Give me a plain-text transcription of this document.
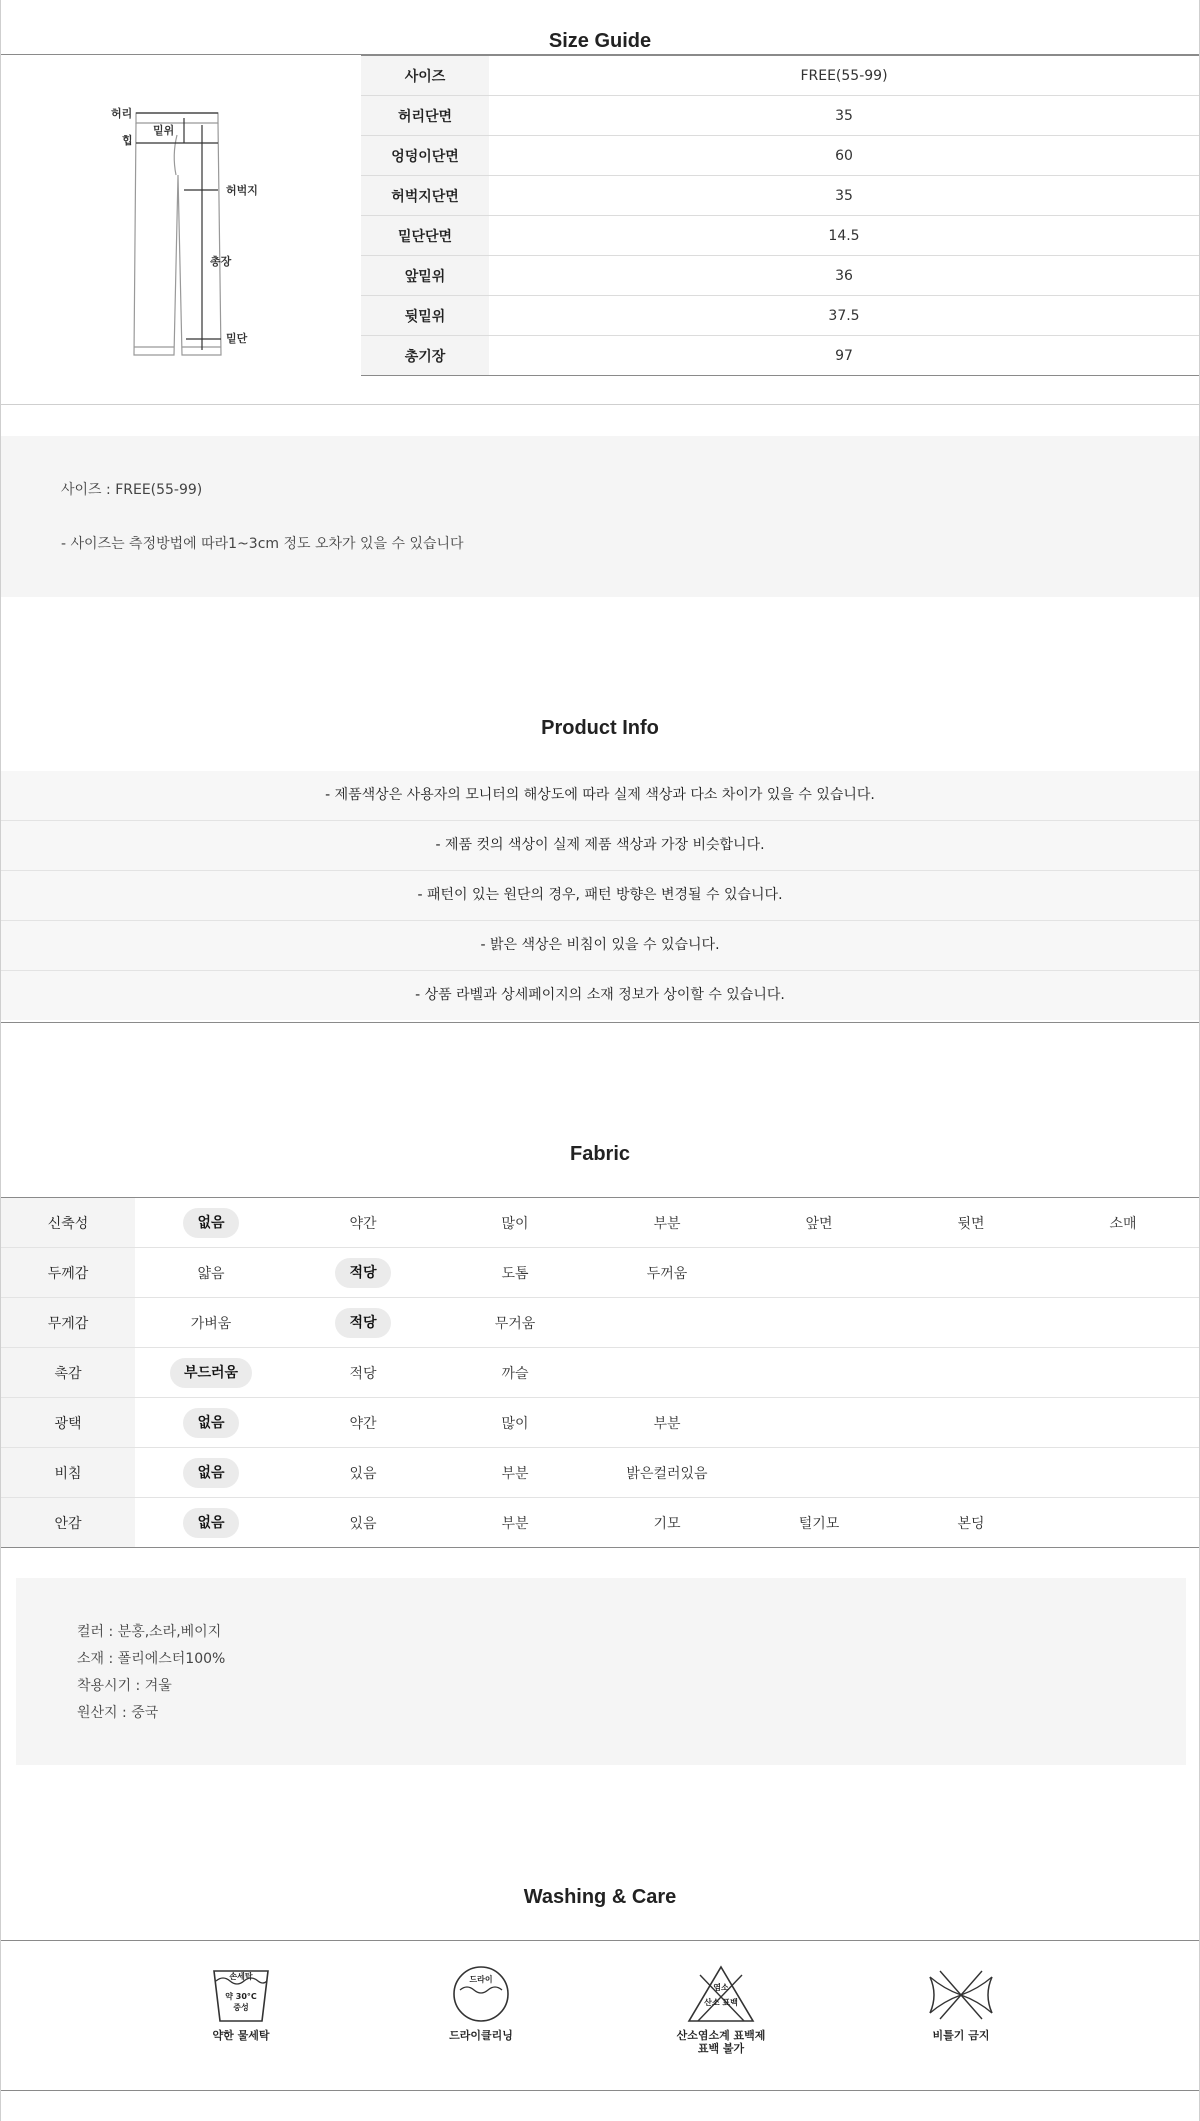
Size Guide
허리
힙
밑위
허벅지
총장
밑단
사이즈	FREE(55-99)
허리단면	35
엉덩이단면	60
허벅지단면	35
밑단단면	14.5
앞밑위	36
뒷밑위	37.5
총기장	97
사이즈 : FREE(55-99)
- 사이즈는 측정방법에 따라1~3cm 정도 오차가 있을 수 있습니다
Product Info
- 제품색상은 사용자의 모니터의 해상도에 따라 실제 색상과 다소 차이가 있을 수 있습니다.
- 제품 컷의 색상이 실제 제품 색상과 가장 비슷합니다.
- 패턴이 있는 원단의 경우, 패턴 방향은 변경될 수 있습니다.
- 밝은 색상은 비침이 있을 수 있습니다.
- 상품 라벨과 상세페이지의 소재 정보가 상이할 수 있습니다.
Fabric
신축성	없음	약간	많이	부분	앞면	뒷면	소매
두께감	얇음	적당	도톰	두꺼움			
무게감	가벼움	적당	무거움				
촉감	부드러움	적당	까슬				
광택	없음	약간	많이	부분			
비침	없음	있음	부분	밝은컬러있음			
안감	없음	있음	부분	기모	털기모	본딩	
컬러 : 분홍,소라,베이지
소재 : 폴리에스터100%
착용시기 : 겨울
원산지 : 중국
Washing & Care
손세탁
약 30°C
중성
약한 물세탁
드라이
드라이클리닝
염소
산소 표백
산소염소계 표백제
표백 불가
비틀기 금지
